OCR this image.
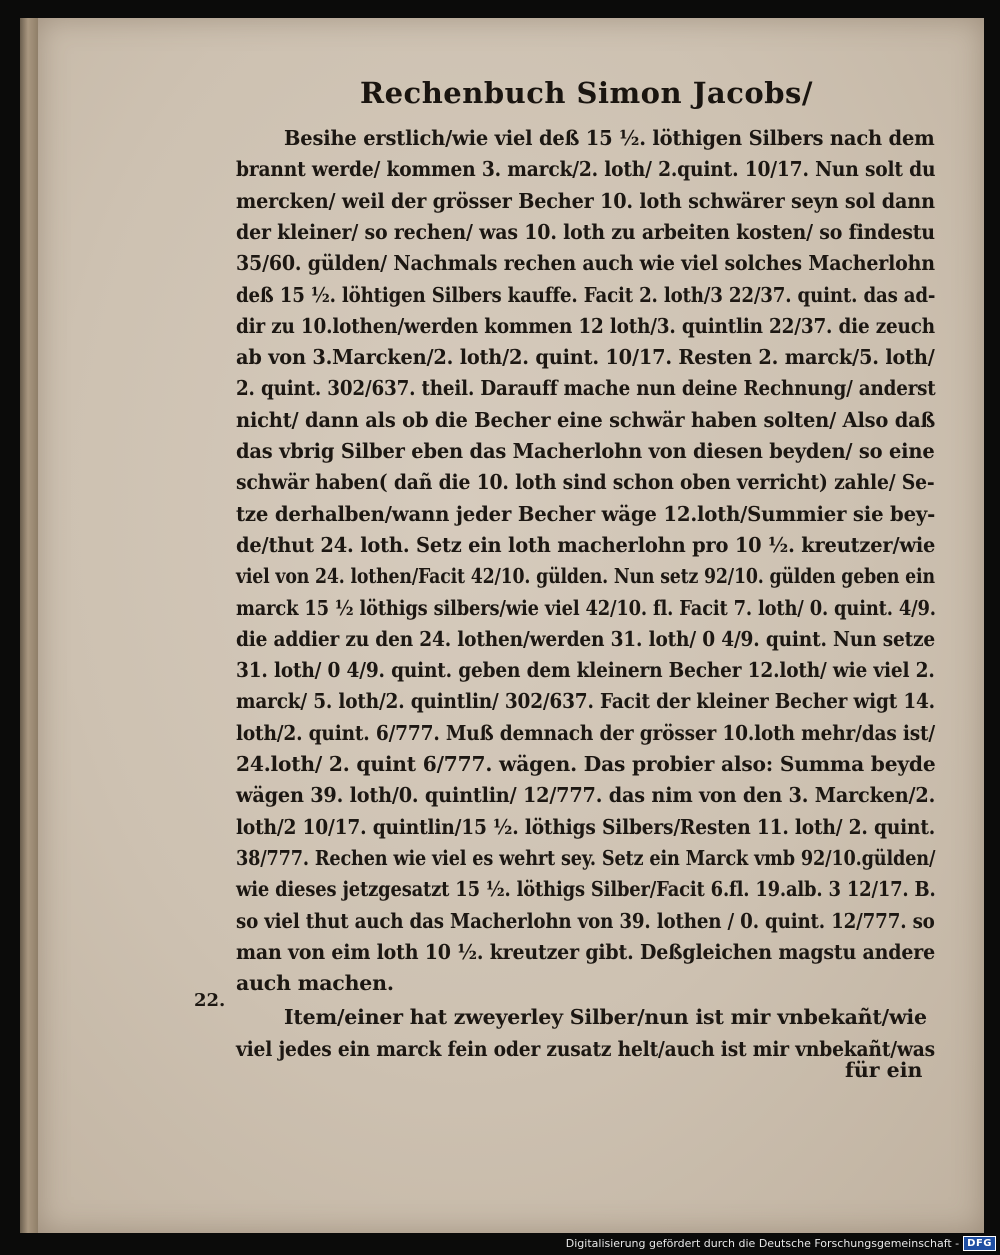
Rechenbuch Simon Jacobs/
Besihe erstlich/wie viel deß 15 ½. löthigen Silbers nach dem
brannt werde/ kommen 3. marck/2. loth/ 2.quint. 10/17. Nun solt du
mercken/ weil der grösser Becher 10. loth schwärer seyn sol dann
der kleiner/ so rechen/ was 10. loth zu arbeiten kosten/ so findestu
35/60. gülden/ Nachmals rechen auch wie viel solches Macherlohn
deß 15 ½. löhtigen Silbers kauffe. Facit 2. loth/3 22/37. quint. das ad-
dir zu 10.lothen/werden kommen 12 loth/3. quintlin 22/37. die zeuch
ab von 3.Marcken/2. loth/2. quint. 10/17. Resten 2. marck/5. loth/
2. quint. 302/637. theil. Darauff mache nun deine Rechnung/ anderst
nicht/ dann als ob die Becher eine schwär haben solten/ Also daß
das vbrig Silber eben das Macherlohn von diesen beyden/ so eine
schwär haben( dañ die 10. loth sind schon oben verricht) zahle/ Se-
tze derhalben/wann jeder Becher wäge 12.loth/Summier sie bey-
de/thut 24. loth. Setz ein loth macherlohn pro 10 ½. kreutzer/wie
viel von 24. lothen/Facit 42/10. gülden. Nun setz 92/10. gülden geben ein
marck 15 ½ löthigs silbers/wie viel 42/10. fl. Facit 7. loth/ 0. quint. 4/9.
die addier zu den 24. lothen/werden 31. loth/ 0 4/9. quint. Nun setze
31. loth/ 0 4/9. quint. geben dem kleinern Becher 12.loth/ wie viel 2.
marck/ 5. loth/2. quintlin/ 302/637. Facit der kleiner Becher wigt 14.
loth/2. quint. 6/777. Muß demnach der grösser 10.loth mehr/das ist/
24.loth/ 2. quint 6/777. wägen. Das probier also: Summa beyde
wägen 39. loth/0. quintlin/ 12/777. das nim von den 3. Marcken/2.
loth/2 10/17. quintlin/15 ½. löthigs Silbers/Resten 11. loth/ 2. quint.
38/777. Rechen wie viel es wehrt sey. Setz ein Marck vmb 92/10.gülden/
wie dieses jetzgesatzt 15 ½. löthigs Silber/Facit 6.fl. 19.alb. 3 12/17. B.
so viel thut auch das Macherlohn von 39. lothen / 0. quint. 12/777. so
man von eim loth 10 ½. kreutzer gibt. Deßgleichen magstu andere
auch machen.
Item/einer hat zweyerley Silber/nun ist mir vnbekañt/wie
viel jedes ein marck fein oder zusatz helt/auch ist mir vnbekañt/was
22.
für ein
Digitalisierung gefördert durch die Deutsche Forschungsgemeinschaft - DFG
